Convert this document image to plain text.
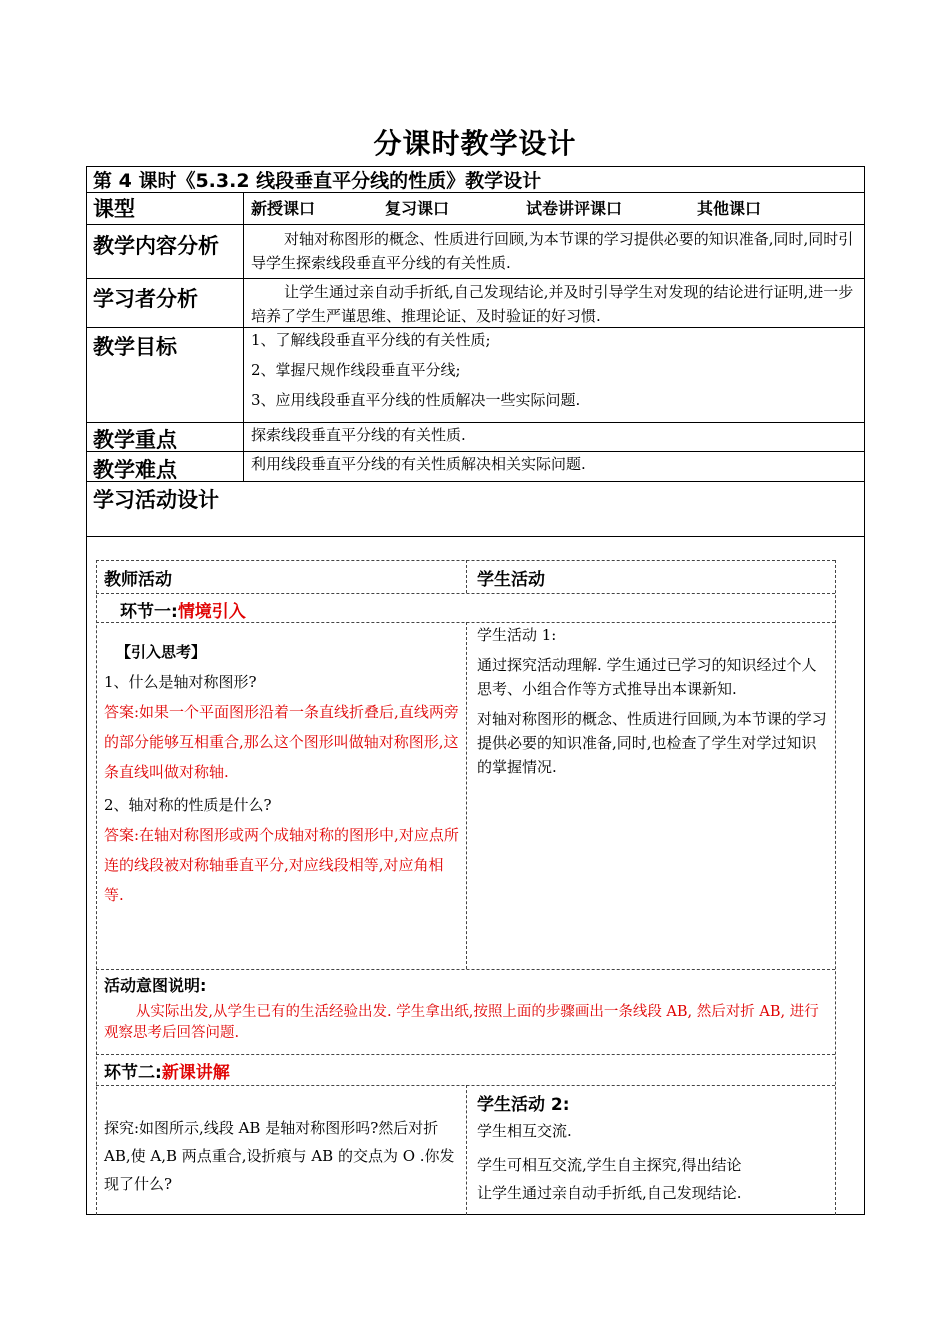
分课时教学设计
第 4 课时《5.3.2 线段垂直平分线的性质》教学设计
课型	新授课口	复习课口	试卷讲评课口	其他课口
教学内容分析	对轴对称图形的概念、性质进行回顾,为本节课的学习提供必要的知识准备,同时,同时引导学生探索线段垂直平分线的有关性质.
学习者分析	让学生通过亲自动手折纸,自己发现结论,并及时引导学生对发现的结论进行证明,进一步培养了学生严谨思维、推理论证、及时验证的好习惯.
教学目标	1、了解线段垂直平分线的有关性质;

2、掌握尺规作线段垂直平分线;

3、应用线段垂直平分线的性质解决一些实际问题.

教学重点	探索线段垂直平分线的有关性质.
教学难点	利用线段垂直平分线的有关性质解决相关实际问题.
学习活动设计
教师活动	学生活动
环节一:情境引入

【引入思考】

1、什么是轴对称图形?

答案:如果一个平面图形沿着一条直线折叠后,直线两旁的部分能够互相重合,那么这个图形叫做轴对称图形,这条直线叫做对称轴.

2、轴对称的性质是什么?

答案:在轴对称图形或两个成轴对称的图形中,对应点所连的线段被对称轴垂直平分,对应线段相等,对应角相等.

学生活动 1:

通过探究活动理解. 学生通过已学习的知识经过个人思考、小组合作等方式推导出本课新知.

对轴对称图形的概念、性质进行回顾,为本节课的学习提供必要的知识准备,同时,也检查了学生对学过知识的掌握情况.

活动意图说明:
从实际出发,从学生已有的生活经验出发. 学生拿出纸,按照上面的步骤画出一条线段 AB, 然后对折 AB, 进行观察思考后回答问题.
环节二:新课讲解
探究:如图所示,线段 AB 是轴对称图形吗?然后对折 AB,使 A,B 两点重合,设折痕与 AB 的交点为 O .你发现了什么?

学生活动 2:

学生相互交流.

学生可相互交流,学生自主探究,得出结论

让学生通过亲自动手折纸,自己发现结论.
